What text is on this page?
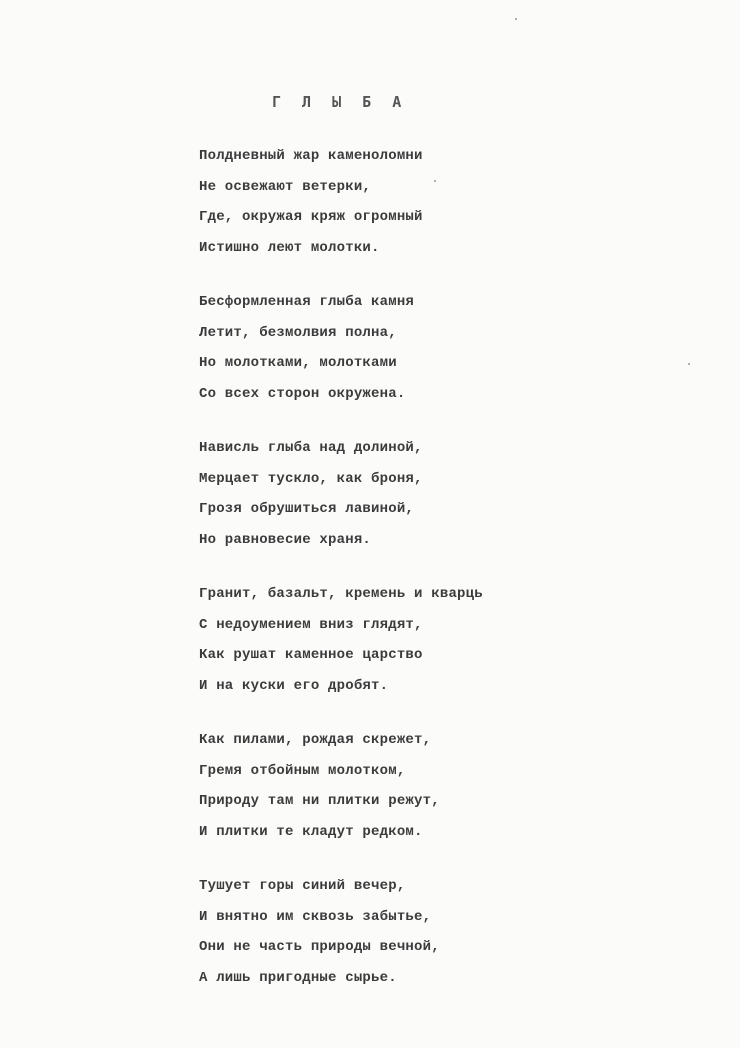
Г Л Ы Б А
Полдневный жар каменоломни
Не освежают ветерки,
Где, окружая кряж огромный
Истишно леют молотки.
Бесформленная глыба камня
Летит, безмолвия полна,
Но молотками, молотками
Со всех сторон окружена.
Нависль глыба над долиной,
Мерцает тускло, как броня,
Грозя обрушиться лавиной,
Но равновесие храня.
Гранит, базальт, кремень и кварць
С недоумением вниз глядят,
Как рушат каменное царство
И на куски его дробят.
Как пилами, рождая скрежет,
Гремя отбойным молотком,
Природу там ни плитки режут,
И плитки те кладут редком.
Тушует горы синий вечер,
И внятно им сквозь забытье,
Они не часть природы вечной,
А лишь пригодные сырье.
